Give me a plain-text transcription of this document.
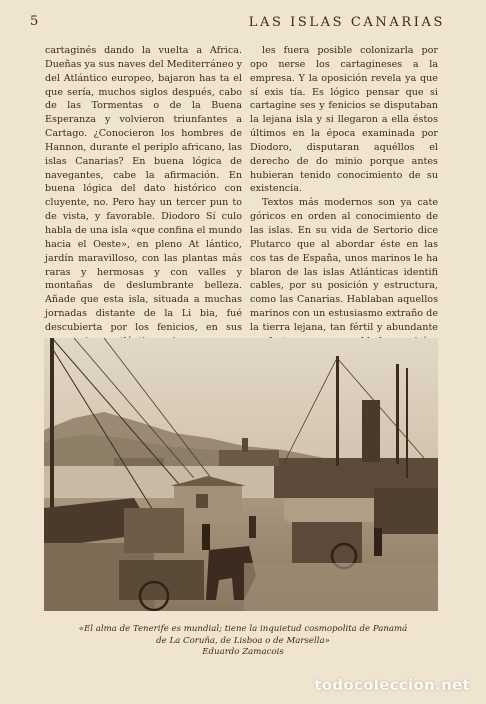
5	LAS ISLAS CANARIAS

cartaginés dando la vuelta a Africa. Dueñas ya sus naves del Mediterráneo y del Atlántico europeo, bajaron has ta el que sería, muchos siglos después, cabo de las Tormentas o de la Buena Esperanza y volvieron triunfantes a Cartago. ¿Conocieron los hombres de Hannon, durante el periplo africano, las islas Canarias? En buena lógica de navegantes, cabe la afirmación. En buena lógica del dato histórico con cluyente, no. Pero hay un tercer pun to de vista, y favorable. Diodoro Sí culo habla de una isla «que confina el mundo hacia el Oeste», en pleno At lántico, jardín maravilloso, con las plantas más raras y hermosas y con valles y montañas de deslumbrante belleza. Añade que esta isla, situada a muchas jornadas distante de la Li bia, fué descubierta por los fenicios, en sus

les fuera posible colonizarla por opo nerse los cartagineses a la empresa. Y la oposición revela ya que sí exis tía. Es lógico pensar que si cartagine ses y fenicios se disputaban la lejana isla y si llegaron a ella éstos últimos en la época examinada por Diodoro, disputaran aquéllos el derecho de do minio porque antes hubieran tenido conocimiento de su existencia.

Textos más modernos son ya cate góricos en orden al conocimiento de las islas. En su vida de Sertorio dice Plutarco que al abordar éste en las cos tas de España, unos marinos le ha blaron de las islas Atlánticas identifi cables, por su posición y estructura, como las Canarias. Hablaban aquellos marinos con un estusiasmo extraño de la tierra lejana, tan fértil y abundante

«El alma de Tenerife es mundial; tiene la inquietud cosmopolita de Panamá
de La Coruña, de Lisboa o de Marsella»
Eduardo Zamacois
todocoleccion.net
